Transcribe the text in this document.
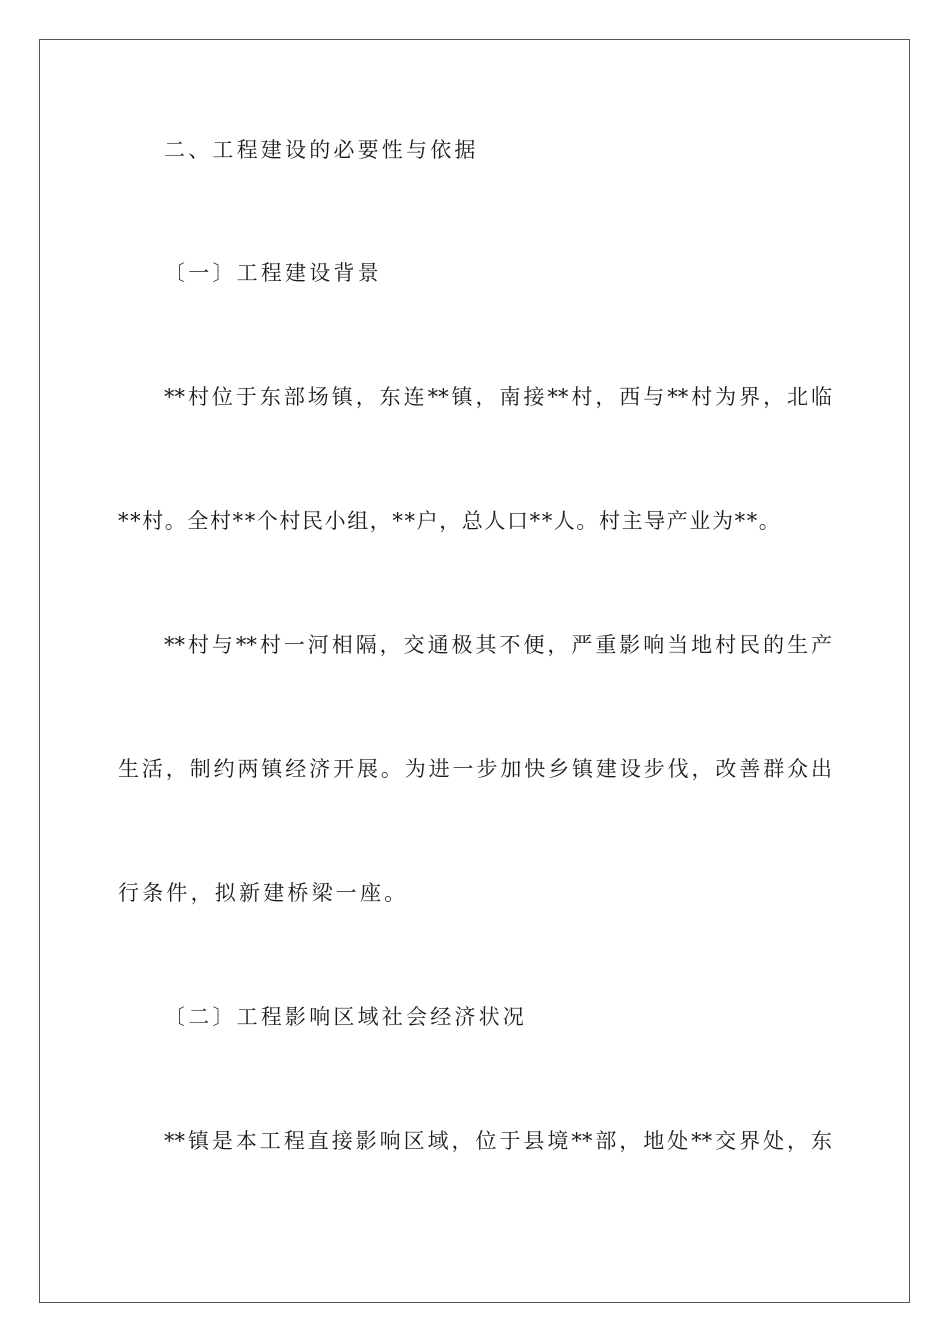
二、工程建设的必要性与依据
〔一〕工程建设背景
**村位于东部场镇，东连**镇，南接**村，西与**村为界，北临
**村。全村**个村民小组，**户，总人口**人。村主导产业为**。
**村与**村一河相隔，交通极其不便，严重影响当地村民的生产
生活，制约两镇经济开展。为进一步加快乡镇建设步伐，改善群众出
行条件，拟新建桥梁一座。
〔二〕工程影响区域社会经济状况
**镇是本工程直接影响区域，位于县境**部，地处**交界处，东
